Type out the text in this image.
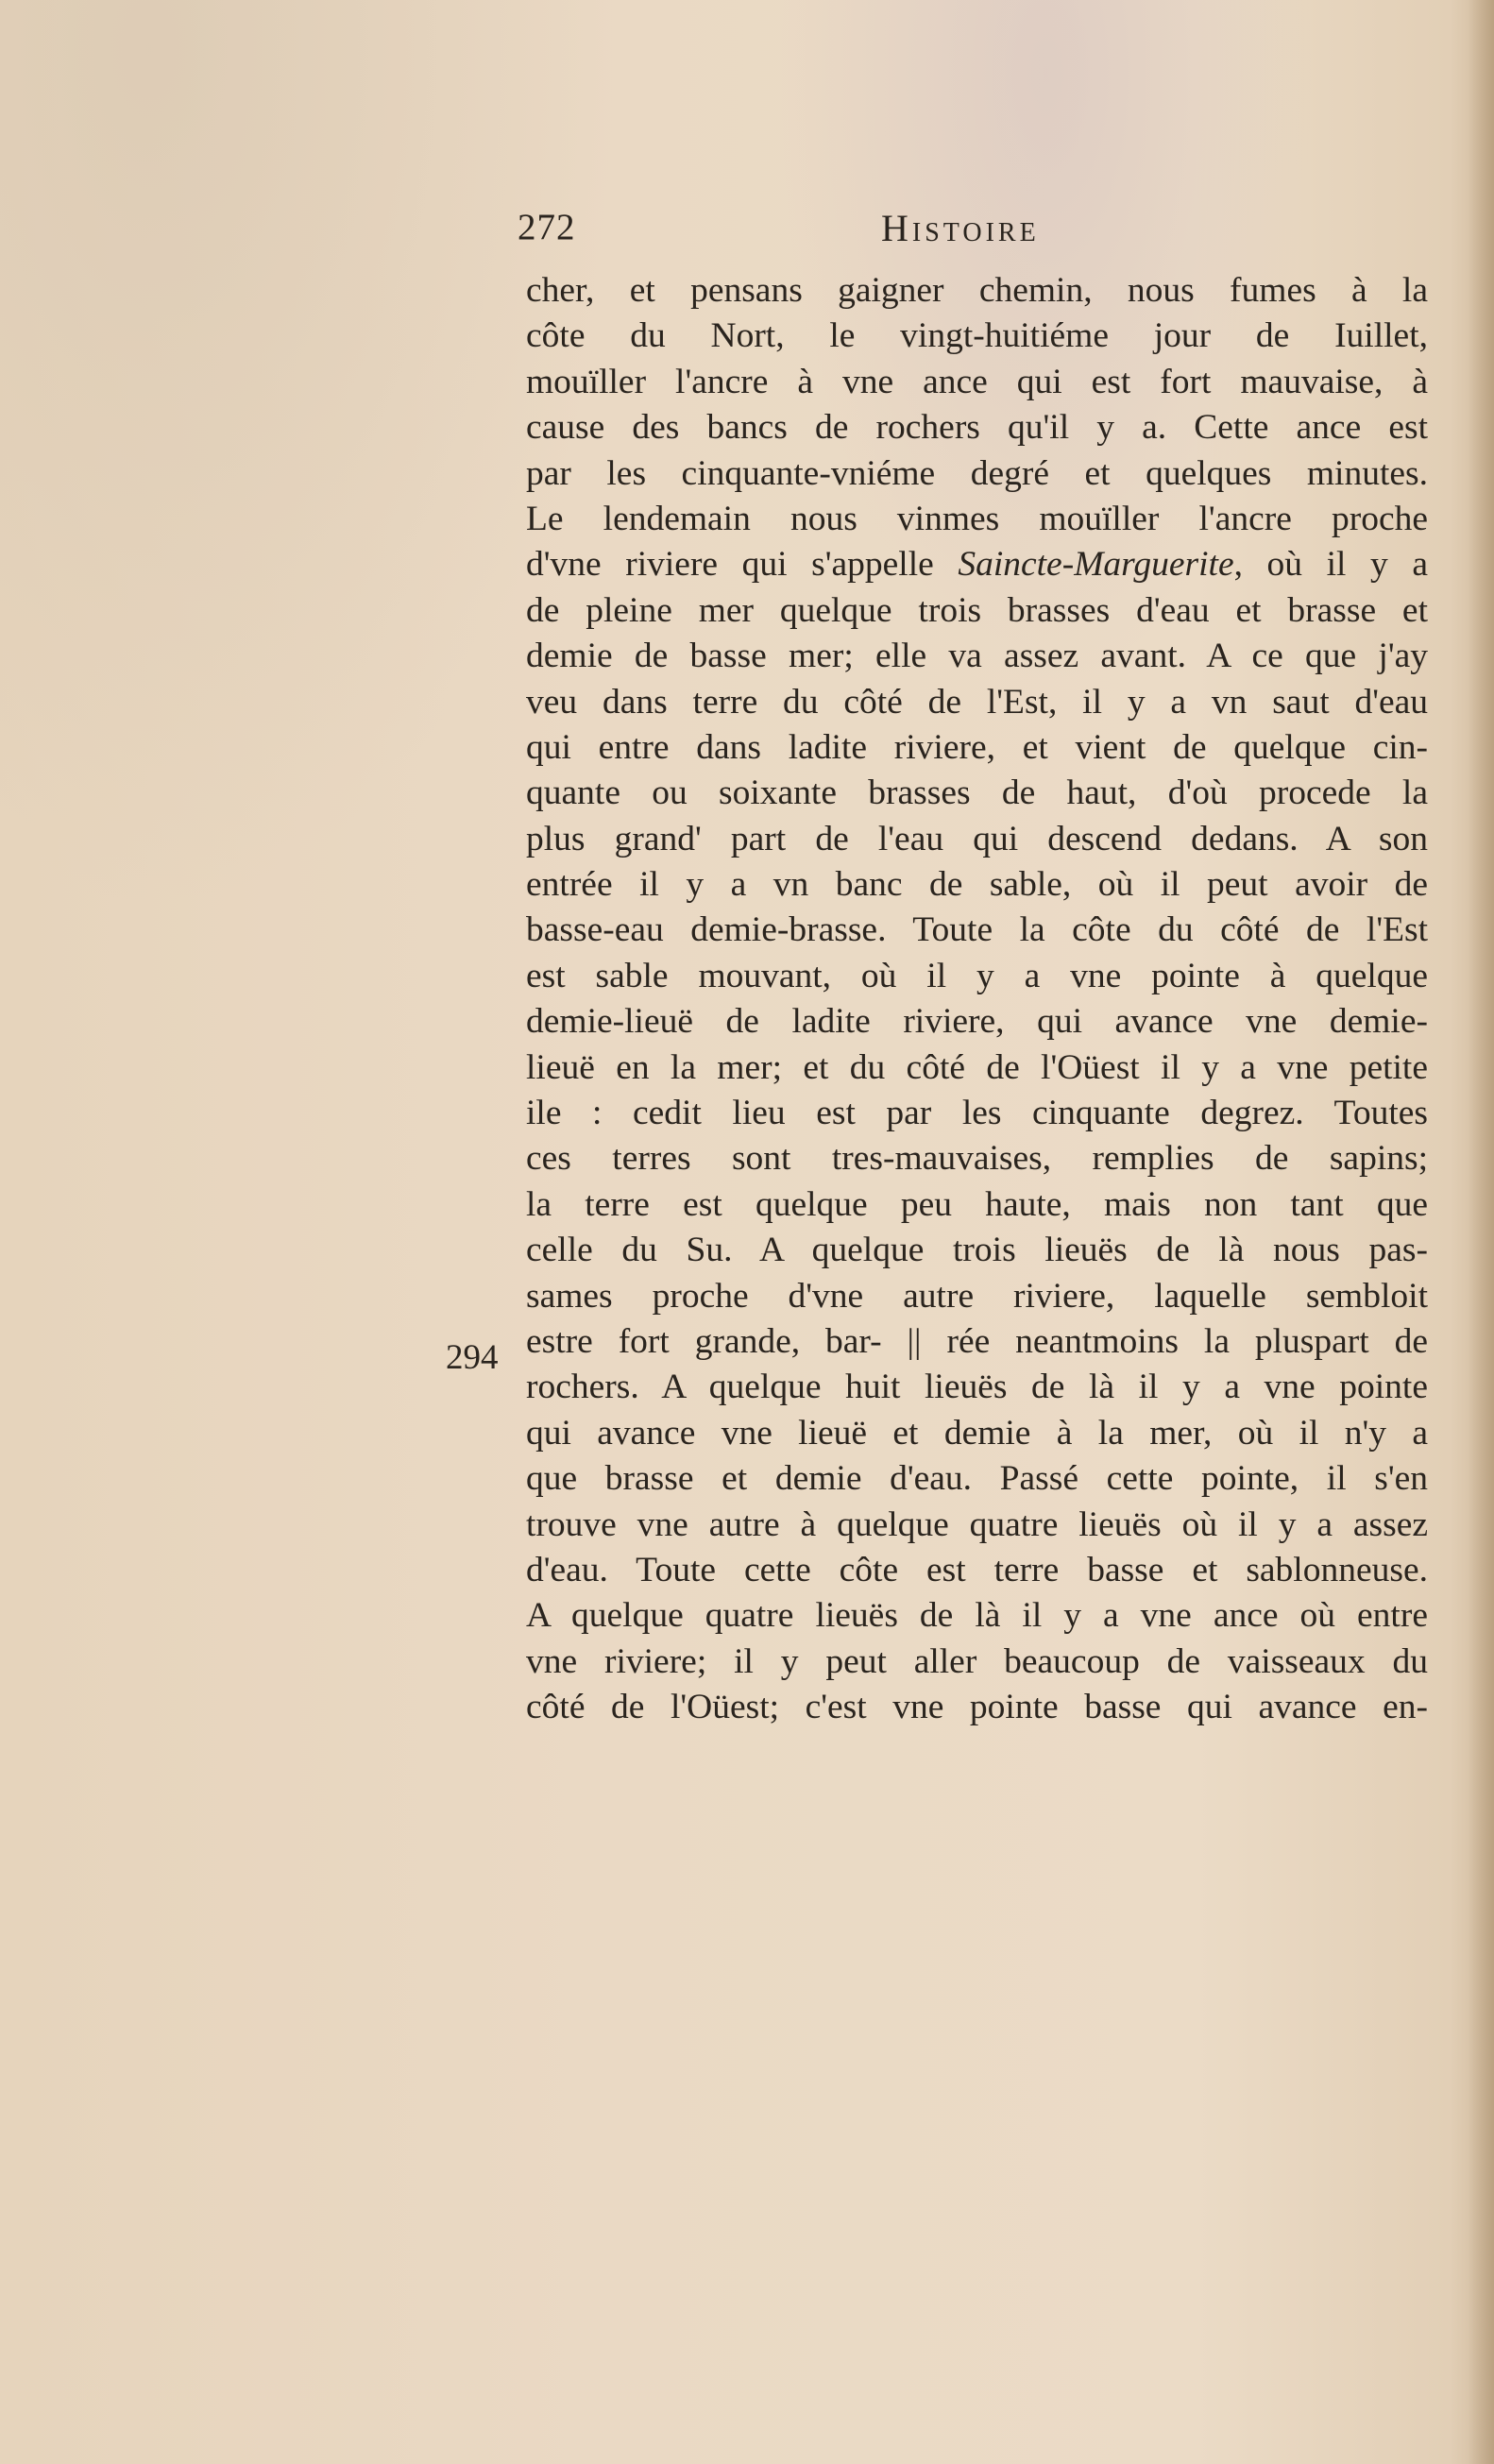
272	Histoire
294
cher, et pensans gaigner chemin, nous fumes à la
côte du Nort, le vingt-huitiéme jour de Iuillet,
mouïller l'ancre à vne ance qui est fort mauvaise, à
cause des bancs de rochers qu'il y a. Cette ance est
par les cinquante-vniéme degré et quelques minutes.
Le lendemain nous vinmes mouïller l'ancre proche
d'vne riviere qui s'appelle Saincte-Marguerite, où il y a
de pleine mer quelque trois brasses d'eau et brasse et
demie de basse mer; elle va assez avant. A ce que j'ay
veu dans terre du côté de l'Est, il y a vn saut d'eau
qui entre dans ladite riviere, et vient de quelque cin-
quante ou soixante brasses de haut, d'où procede la
plus grand' part de l'eau qui descend dedans. A son
entrée il y a vn banc de sable, où il peut avoir de
basse-eau demie-brasse. Toute la côte du côté de l'Est
est sable mouvant, où il y a vne pointe à quelque
demie-lieuë de ladite riviere, qui avance vne demie-
lieuë en la mer; et du côté de l'Oüest il y a vne petite
ile : cedit lieu est par les cinquante degrez. Toutes
ces terres sont tres-mauvaises, remplies de sapins;
la terre est quelque peu haute, mais non tant que
celle du Su. A quelque trois lieuës de là nous pas-
sames proche d'vne autre riviere, laquelle sembloit
estre fort grande, bar- || rée neantmoins la pluspart de
rochers. A quelque huit lieuës de là il y a vne pointe
qui avance vne lieuë et demie à la mer, où il n'y a
que brasse et demie d'eau. Passé cette pointe, il s'en
trouve vne autre à quelque quatre lieuës où il y a assez
d'eau. Toute cette côte est terre basse et sablonneuse.
A quelque quatre lieuës de là il y a vne ance où entre
vne riviere; il y peut aller beaucoup de vaisseaux du
côté de l'Oüest; c'est vne pointe basse qui avance en-
